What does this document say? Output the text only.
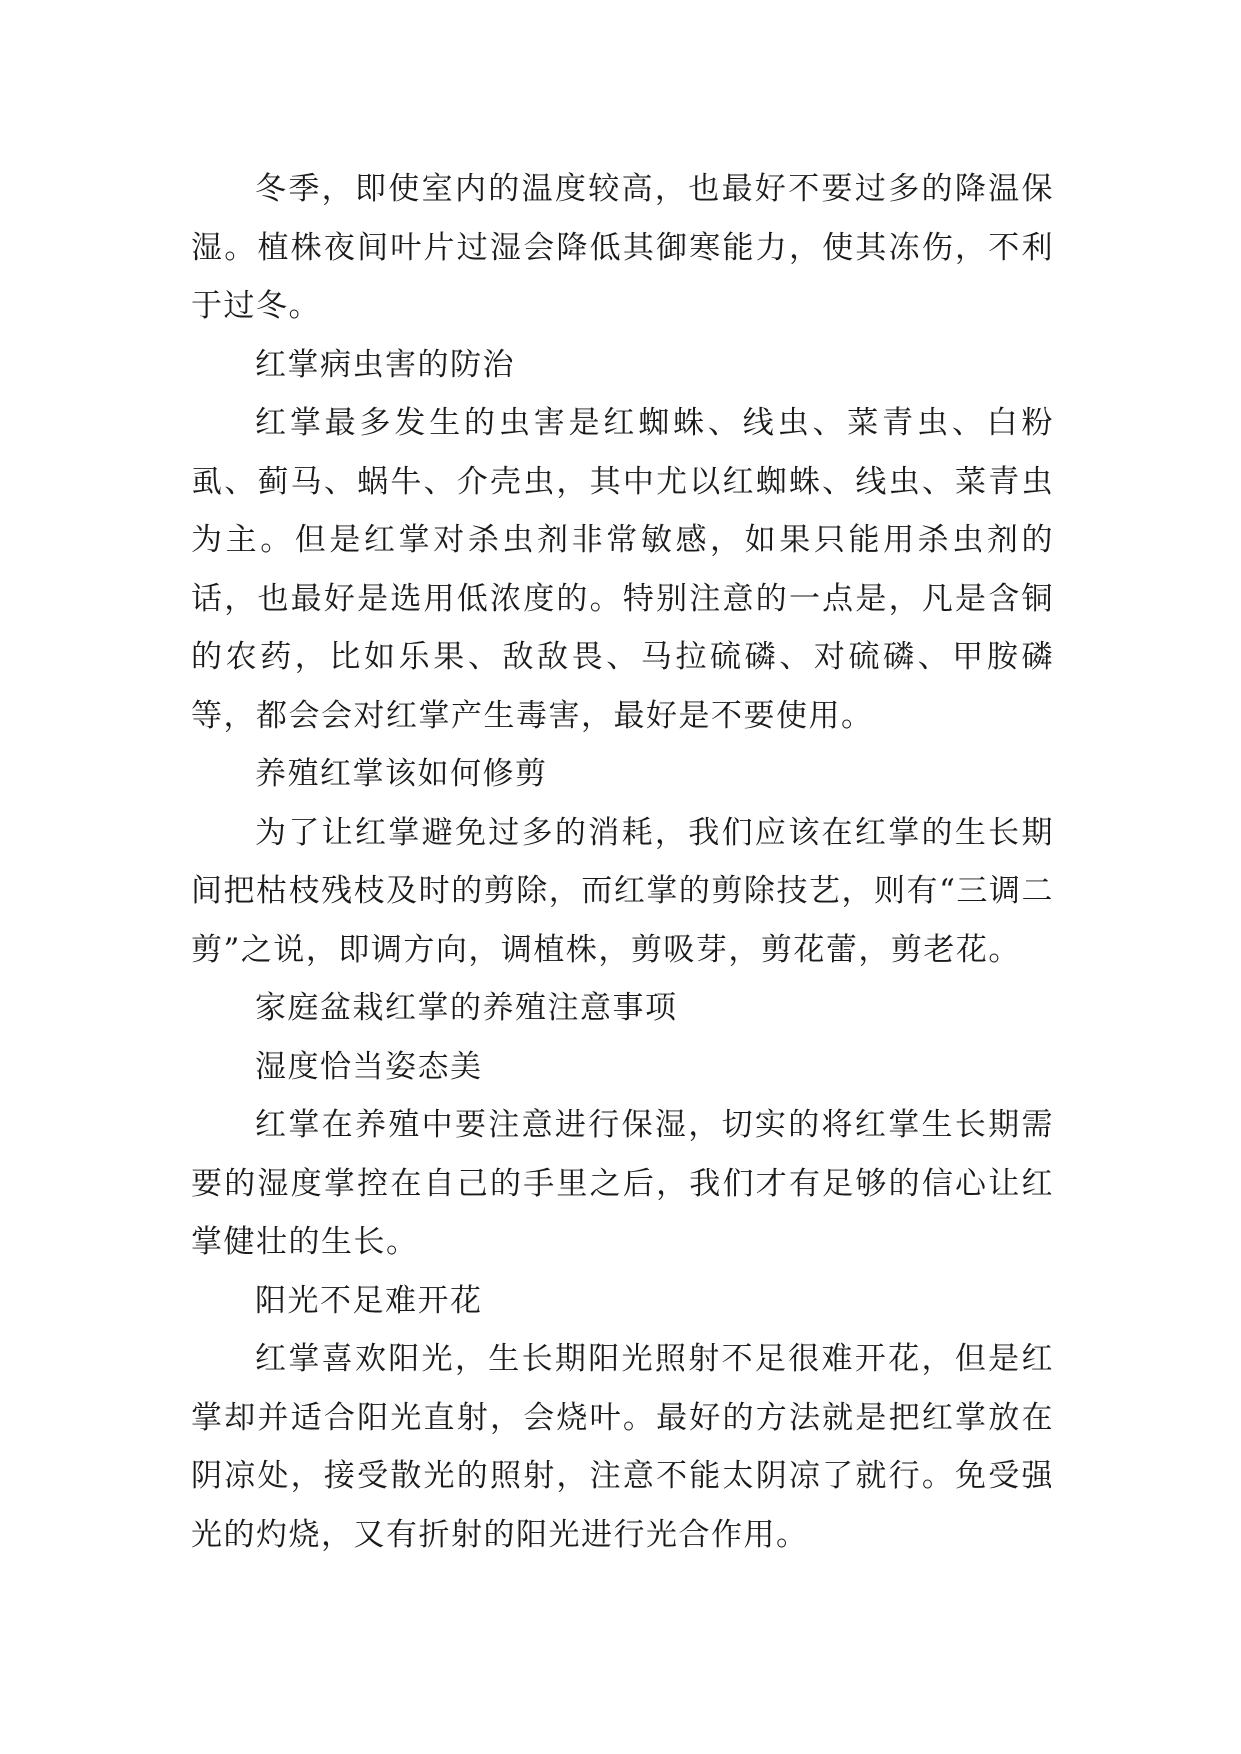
冬季，即使室内的温度较高，也最好不要过多的降温保湿。植株夜间叶片过湿会降低其御寒能力，使其冻伤，不利于过冬。

红掌病虫害的防治

红掌最多发生的虫害是红蜘蛛、线虫、菜青虫、白粉虱、蓟马、蜗牛、介壳虫，其中尤以红蜘蛛、线虫、菜青虫为主。但是红掌对杀虫剂非常敏感，如果只能用杀虫剂的话，也最好是选用低浓度的。特别注意的一点是，凡是含铜的农药，比如乐果、敌敌畏、马拉硫磷、对硫磷、甲胺磷等，都会会对红掌产生毒害，最好是不要使用。

养殖红掌该如何修剪

为了让红掌避免过多的消耗，我们应该在红掌的生长期间把枯枝残枝及时的剪除，而红掌的剪除技艺，则有“三调二剪”之说，即调方向，调植株，剪吸芽，剪花蕾，剪老花。

家庭盆栽红掌的养殖注意事项

湿度恰当姿态美

红掌在养殖中要注意进行保湿，切实的将红掌生长期需要的湿度掌控在自己的手里之后，我们才有足够的信心让红掌健壮的生长。

阳光不足难开花

红掌喜欢阳光，生长期阳光照射不足很难开花，但是红掌却并适合阳光直射，会烧叶。最好的方法就是把红掌放在阴凉处，接受散光的照射，注意不能太阴凉了就行。免受强光的灼烧，又有折射的阳光进行光合作用。
